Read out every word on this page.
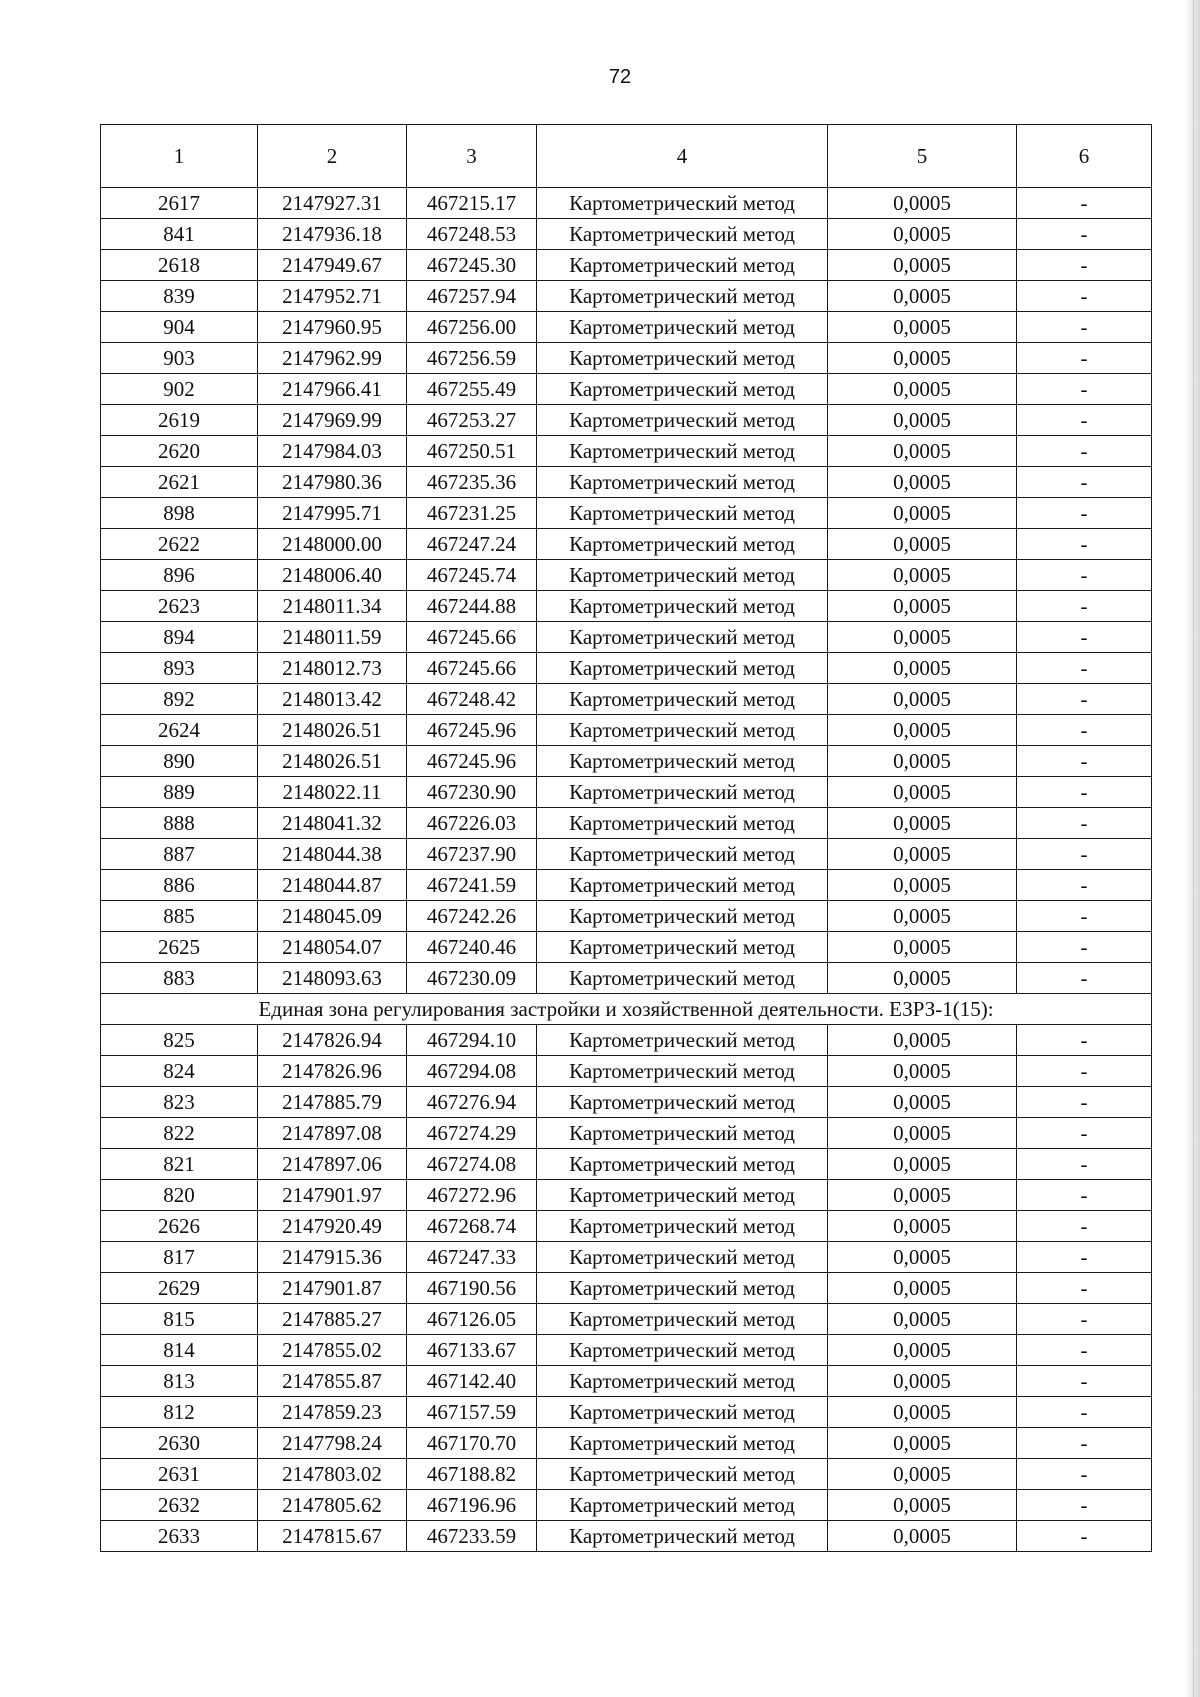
72
1	2	3	4	5	6
2617	2147927.31	467215.17	Картометрический метод	0,0005	-
841	2147936.18	467248.53	Картометрический метод	0,0005	-
2618	2147949.67	467245.30	Картометрический метод	0,0005	-
839	2147952.71	467257.94	Картометрический метод	0,0005	-
904	2147960.95	467256.00	Картометрический метод	0,0005	-
903	2147962.99	467256.59	Картометрический метод	0,0005	-
902	2147966.41	467255.49	Картометрический метод	0,0005	-
2619	2147969.99	467253.27	Картометрический метод	0,0005	-
2620	2147984.03	467250.51	Картометрический метод	0,0005	-
2621	2147980.36	467235.36	Картометрический метод	0,0005	-
898	2147995.71	467231.25	Картометрический метод	0,0005	-
2622	2148000.00	467247.24	Картометрический метод	0,0005	-
896	2148006.40	467245.74	Картометрический метод	0,0005	-
2623	2148011.34	467244.88	Картометрический метод	0,0005	-
894	2148011.59	467245.66	Картометрический метод	0,0005	-
893	2148012.73	467245.66	Картометрический метод	0,0005	-
892	2148013.42	467248.42	Картометрический метод	0,0005	-
2624	2148026.51	467245.96	Картометрический метод	0,0005	-
890	2148026.51	467245.96	Картометрический метод	0,0005	-
889	2148022.11	467230.90	Картометрический метод	0,0005	-
888	2148041.32	467226.03	Картометрический метод	0,0005	-
887	2148044.38	467237.90	Картометрический метод	0,0005	-
886	2148044.87	467241.59	Картометрический метод	0,0005	-
885	2148045.09	467242.26	Картометрический метод	0,0005	-
2625	2148054.07	467240.46	Картометрический метод	0,0005	-
883	2148093.63	467230.09	Картометрический метод	0,0005	-
Единая зона регулирования застройки и хозяйственной деятельности. ЕЗРЗ-1(15):					
825	2147826.94	467294.10	Картометрический метод	0,0005	-
824	2147826.96	467294.08	Картометрический метод	0,0005	-
823	2147885.79	467276.94	Картометрический метод	0,0005	-
822	2147897.08	467274.29	Картометрический метод	0,0005	-
821	2147897.06	467274.08	Картометрический метод	0,0005	-
820	2147901.97	467272.96	Картометрический метод	0,0005	-
2626	2147920.49	467268.74	Картометрический метод	0,0005	-
817	2147915.36	467247.33	Картометрический метод	0,0005	-
2629	2147901.87	467190.56	Картометрический метод	0,0005	-
815	2147885.27	467126.05	Картометрический метод	0,0005	-
814	2147855.02	467133.67	Картометрический метод	0,0005	-
813	2147855.87	467142.40	Картометрический метод	0,0005	-
812	2147859.23	467157.59	Картометрический метод	0,0005	-
2630	2147798.24	467170.70	Картометрический метод	0,0005	-
2631	2147803.02	467188.82	Картометрический метод	0,0005	-
2632	2147805.62	467196.96	Картометрический метод	0,0005	-
2633	2147815.67	467233.59	Картометрический метод	0,0005	-
